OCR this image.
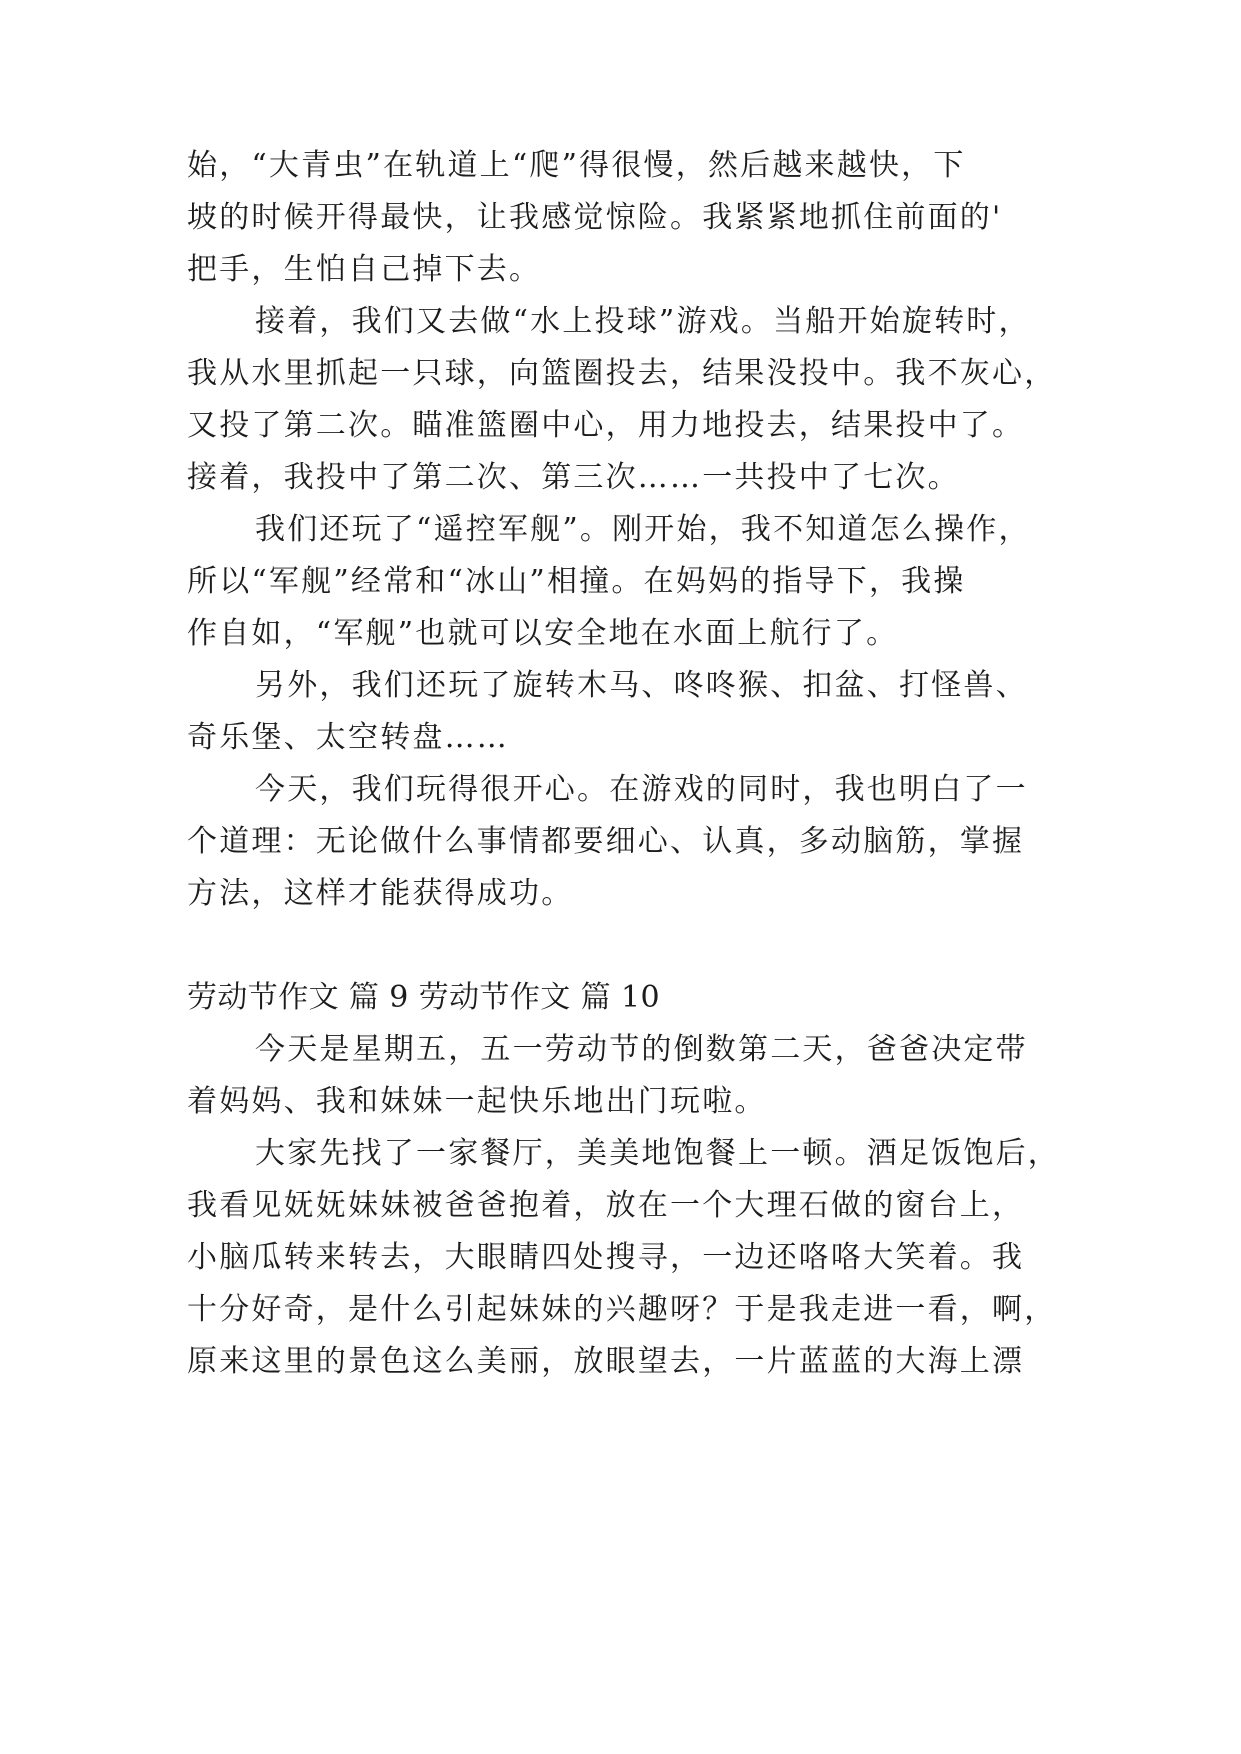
始，“大青虫”在轨道上“爬”得很慢，然后越来越快，下
坡的时候开得最快，让我感觉惊险。我紧紧地抓住前面的'
把手，生怕自己掉下去。
接着，我们又去做“水上投球”游戏。当船开始旋转时，
我从水里抓起一只球，向篮圈投去，结果没投中。我不灰心，
又投了第二次。瞄准篮圈中心，用力地投去，结果投中了。
接着，我投中了第二次、第三次……一共投中了七次。
我们还玩了“遥控军舰”。刚开始，我不知道怎么操作，
所以“军舰”经常和“冰山”相撞。在妈妈的指导下，我操
作自如，“军舰”也就可以安全地在水面上航行了。
另外，我们还玩了旋转木马、咚咚猴、扣盆、打怪兽、
奇乐堡、太空转盘……
今天，我们玩得很开心。在游戏的同时，我也明白了一
个道理：无论做什么事情都要细心、认真，多动脑筋，掌握
方法，这样才能获得成功。
劳动节作文 篇 9 劳动节作文 篇 10
今天是星期五，五一劳动节的倒数第二天，爸爸决定带
着妈妈、我和妹妹一起快乐地出门玩啦。
大家先找了一家餐厅，美美地饱餐上一顿。酒足饭饱后，
我看见妩妩妹妹被爸爸抱着，放在一个大理石做的窗台上，
小脑瓜转来转去，大眼睛四处搜寻，一边还咯咯大笑着。我
十分好奇，是什么引起妹妹的兴趣呀？于是我走进一看，啊，
原来这里的景色这么美丽，放眼望去，一片蓝蓝的大海上漂
